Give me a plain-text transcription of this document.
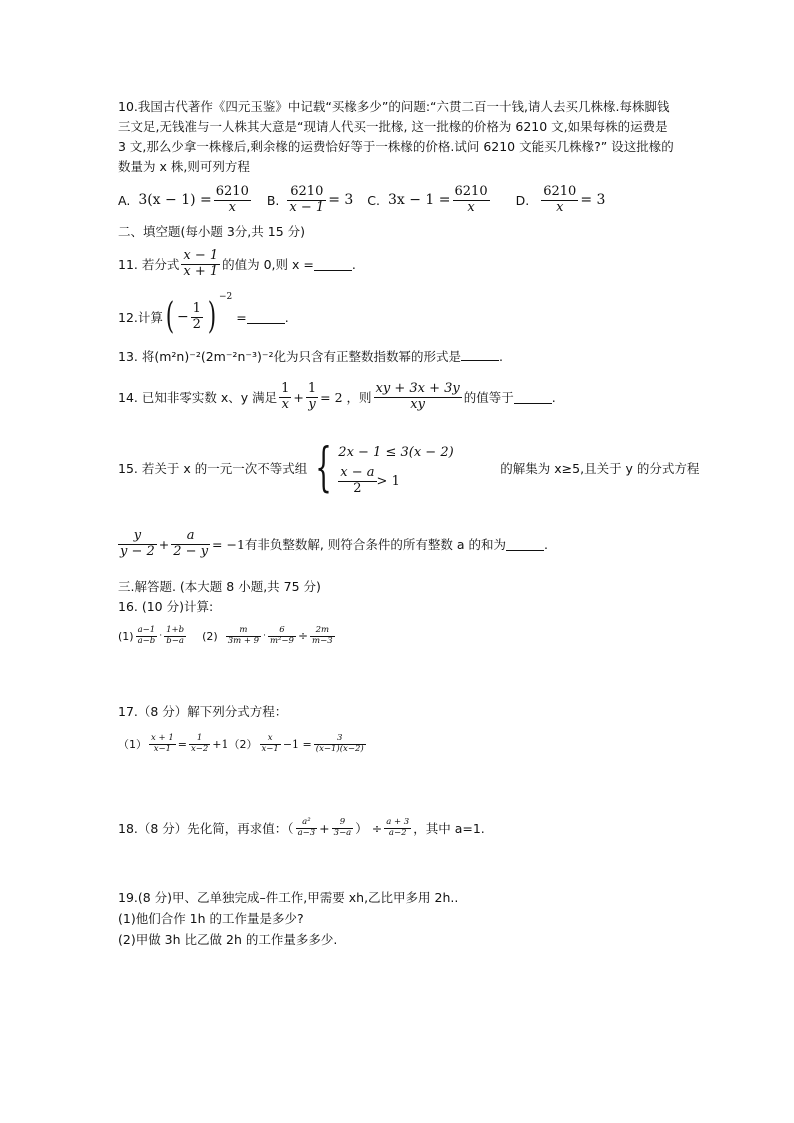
10.我国古代著作《四元玉鉴》中记载“买椽多少”的问题:“六贯二百一十钱,请人去买几株椽.每株脚钱三文足,无钱准与一人株其大意是“现请人代买一批椽, 这一批椽的价格为 6210 文,如果每株的运费是 3 文,那么少拿一株椽后,剩余椽的运费恰好等于一株椽的价格.试问 6210 文能买几株椽?” 设这批椽的数量为 x 株,则可列方程
A. $3(x - 1) = \frac{6210}{x} B$. $\frac{6210}{x - 1} = 3$ C. $3x - 1 = \frac{6210}{x} D$. $\frac{6210}{x} = 3$
二、填空题(每小题 3分,共 15 分)
11. 若分式 $\frac{x - 1}{x + 1}$ 的值为 0,则 x =	.
12.计算 ( − $\frac{1}{2}$ ) −2
=	.
13. 将(m²n)⁻²(2m⁻²n⁻³)⁻²化为只含有正整数指数幂的形式是	.
14. 已知非零实数 x、y 满足 $\frac{1}{x} + \frac{1}{y} = 2$ ，则 $\frac{xy + 3x + 3y}{xy}$ 的值等于	.
15. 若关于 x 的一元一次不等式组 { 2x − 1 ≤ 3(x − 2)
$\frac{x - a}{2} > 1$
的解集为 x≥5,且关于 y 的分式方程
$\frac{y}{y - 2} + \frac{a}{2 - y} = -1$ 有非负整数解, 则符合条件的所有整数 a 的和为	.
三.解答题. (本大题 8 小题,共 75 分)
16. (10 分)计算:
$(1) \frac{a-1}{a-b} \cdot \frac{1+b}{b-a} (2) \frac{m}{3m + 9} \cdot \frac{6}{\text{m²−9}} \div \frac{2m}{m-3}$
17.（8 分）解下列分式方程：
$(1) \frac{x + 1}{x-1} = \frac{1}{x-2} +1$ $(2) \frac{x}{x-1} -1 = \frac{3}{(x-1)(x-2)}$
18.（8 分）先化简，再求值：（ $\frac{\text{a²}}{a-3} + \frac{9}{3-a}$ ） ÷ $\frac{a + 3}{a-2}$ ，其中 a=1.
19.(8 分)甲、乙单独完成–件工作,甲需要 xh,乙比甲多用 2h..
(1)他们合作 1h 的工作量是多少?
(2)甲做 3h 比乙做 2h 的工作量多多少.
